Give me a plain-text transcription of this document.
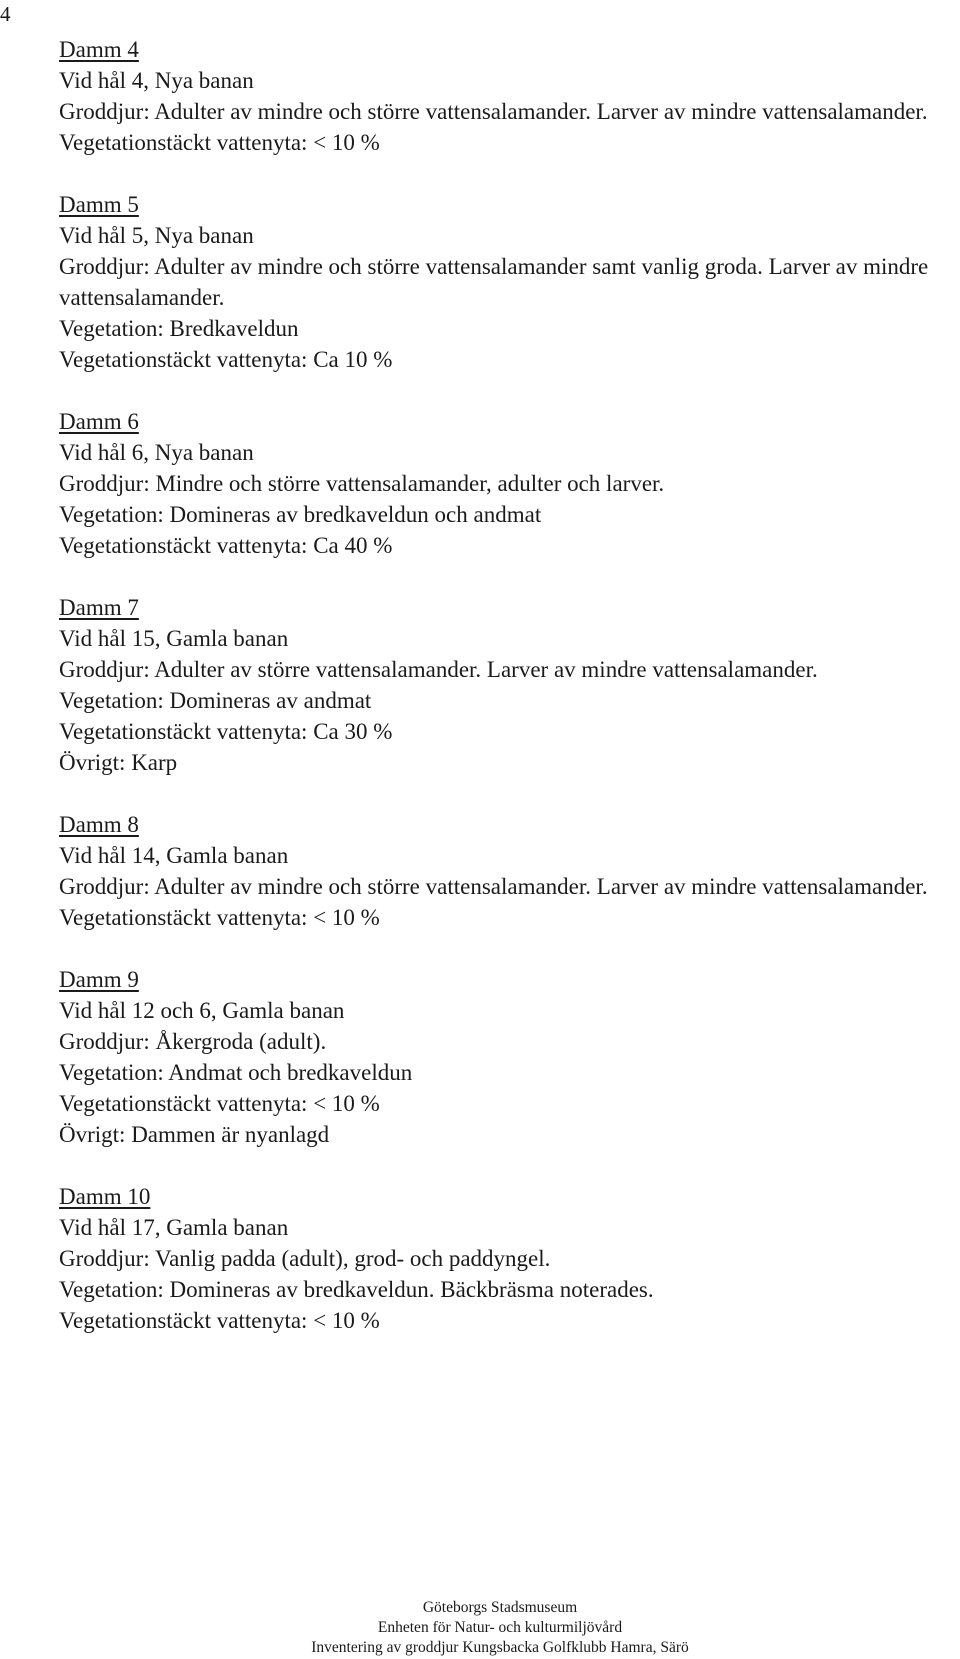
4
Damm 4
Vid hål 4, Nya banan
Groddjur: Adulter av mindre och större vattensalamander. Larver av mindre vattensalamander.
Vegetationstäckt vattenyta: < 10 %
Damm 5
Vid hål 5, Nya banan
Groddjur: Adulter av mindre och större vattensalamander samt vanlig groda. Larver av mindre vattensalamander.
Vegetation: Bredkaveldun
Vegetationstäckt vattenyta: Ca 10 %
Damm 6
Vid hål 6, Nya banan
Groddjur: Mindre och större vattensalamander, adulter och larver.
Vegetation: Domineras av bredkaveldun och andmat
Vegetationstäckt vattenyta: Ca 40 %
Damm 7
Vid hål 15, Gamla banan
Groddjur: Adulter av större vattensalamander. Larver av mindre vattensalamander.
Vegetation: Domineras av andmat
Vegetationstäckt vattenyta: Ca 30 %
Övrigt: Karp
Damm 8
Vid hål 14, Gamla banan
Groddjur: Adulter av mindre och större vattensalamander. Larver av mindre vattensalamander.
Vegetationstäckt vattenyta: < 10 %
Damm 9
Vid hål 12 och 6, Gamla banan
Groddjur: Åkergroda (adult).
Vegetation: Andmat och bredkaveldun
Vegetationstäckt vattenyta: < 10 %
Övrigt: Dammen är nyanlagd
Damm 10
Vid hål 17, Gamla banan
Groddjur: Vanlig padda (adult), grod- och paddyngel.
Vegetation: Domineras av bredkaveldun. Bäckbräsma noterades.
Vegetationstäckt vattenyta: < 10 %
Göteborgs Stadsmuseum
Enheten för Natur- och kulturmiljövård
Inventering av groddjur Kungsbacka Golfklubb Hamra, Särö
